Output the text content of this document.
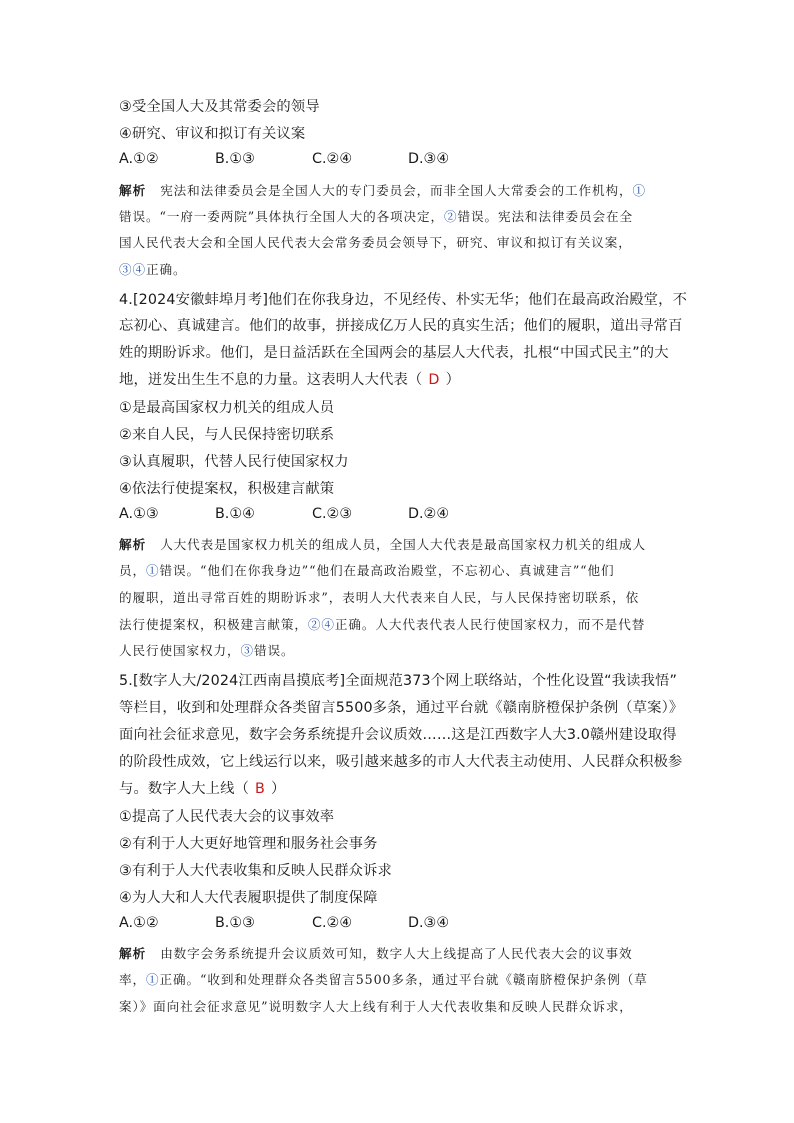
③受全国人大及其常委会的领导
④研究、审议和拟订有关议案
A.①②	B.①③	C.②④	D.③④
解析 宪法和法律委员会是全国人大的专门委员会，而非全国人大常委会的工作机构，①
错误。“一府一委两院”具体执行全国人大的各项决定，②错误。宪法和法律委员会在全
国人民代表大会和全国人民代表大会常务委员会领导下，研究、审议和拟订有关议案，
③④正确。
4.[2024安徽蚌埠月考]他们在你我身边，不见经传、朴实无华；他们在最高政治殿堂，不
忘初心、真诚建言。他们的故事，拼接成亿万人民的真实生活；他们的履职，道出寻常百
姓的期盼诉求。他们，是日益活跃在全国两会的基层人大代表，扎根“中国式民主”的大
地，迸发出生生不息的力量。这表明人大代表（ D ）
①是最高国家权力机关的组成人员
②来自人民，与人民保持密切联系
③认真履职，代替人民行使国家权力
④依法行使提案权，积极建言献策
A.①③	B.①④	C.②③	D.②④
解析 人大代表是国家权力机关的组成人员，全国人大代表是最高国家权力机关的组成人
员，①错误。“他们在你我身边”“他们在最高政治殿堂，不忘初心、真诚建言”“他们
的履职，道出寻常百姓的期盼诉求”，表明人大代表来自人民，与人民保持密切联系，依
法行使提案权，积极建言献策，②④正确。人大代表代表人民行使国家权力，而不是代替
人民行使国家权力，③错误。
5.[数字人大/2024江西南昌摸底考]全面规范373个网上联络站，个性化设置“我读我悟”
等栏目，收到和处理群众各类留言5500多条，通过平台就《赣南脐橙保护条例（草案）》
面向社会征求意见，数字会务系统提升会议质效……这是江西数字人大3.0赣州建设取得
的阶段性成效，它上线运行以来，吸引越来越多的市人大代表主动使用、人民群众积极参
与。数字人大上线（ B ）
①提高了人民代表大会的议事效率
②有利于人大更好地管理和服务社会事务
③有利于人大代表收集和反映人民群众诉求
④为人大和人大代表履职提供了制度保障
A.①②	B.①③	C.②④	D.③④
解析 由数字会务系统提升会议质效可知，数字人大上线提高了人民代表大会的议事效
率，①正确。“收到和处理群众各类留言5500多条，通过平台就《赣南脐橙保护条例（草
案）》面向社会征求意见”说明数字人大上线有利于人大代表收集和反映人民群众诉求，
